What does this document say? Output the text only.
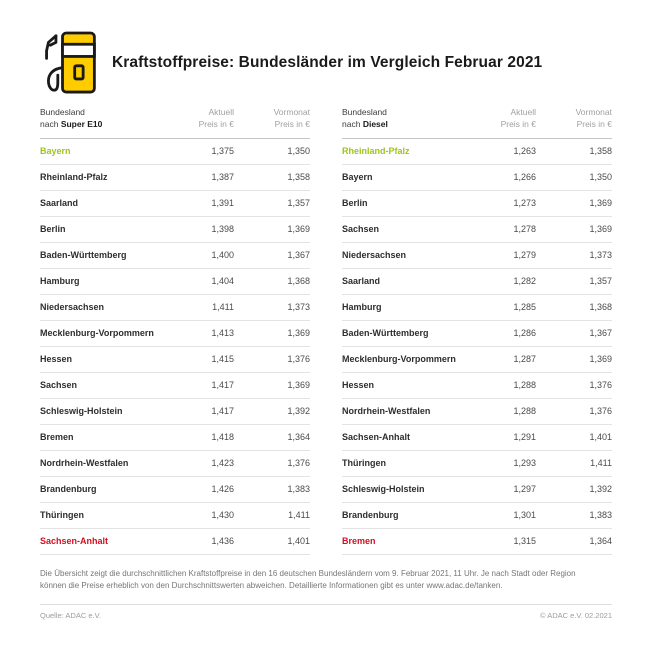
Kraftstoffpreise: Bundesländer im Vergleich Februar 2021
Bundesland
nach Super E10
Aktuell
Preis in €
Vormonat
Preis in €
Bayern	1,375	1,350
Rheinland-Pfalz	1,387	1,358
Saarland	1,391	1,357
Berlin	1,398	1,369
Baden-Württemberg	1,400	1,367
Hamburg	1,404	1,368
Niedersachsen	1,411	1,373
Mecklenburg-Vorpommern	1,413	1,369
Hessen	1,415	1,376
Sachsen	1,417	1,369
Schleswig-Holstein	1,417	1,392
Bremen	1,418	1,364
Nordrhein-Westfalen	1,423	1,376
Brandenburg	1,426	1,383
Thüringen	1,430	1,411
Sachsen-Anhalt	1,436	1,401
Bundesland
nach Diesel
Aktuell
Preis in €
Vormonat
Preis in €
Rheinland-Pfalz	1,263	1,358
Bayern	1,266	1,350
Berlin	1,273	1,369
Sachsen	1,278	1,369
Niedersachsen	1,279	1,373
Saarland	1,282	1,357
Hamburg	1,285	1,368
Baden-Württemberg	1,286	1,367
Mecklenburg-Vorpommern	1,287	1,369
Hessen	1,288	1,376
Nordrhein-Westfalen	1,288	1,376
Sachsen-Anhalt	1,291	1,401
Thüringen	1,293	1,411
Schleswig-Holstein	1,297	1,392
Brandenburg	1,301	1,383
Bremen	1,315	1,364

Die Übersicht zeigt die durchschnittlichen Kraftstoffpreise in den 16 deutschen Bundesländern vom 9. Februar 2021, 11 Uhr. Je nach Stadt oder Region können die Preise erheblich von den Durchschnittswerten abweichen. Detaillierte Informationen gibt es unter www.adac.de/tanken.

Quelle: ADAC e.V.	© ADAC e.V. 02.2021
